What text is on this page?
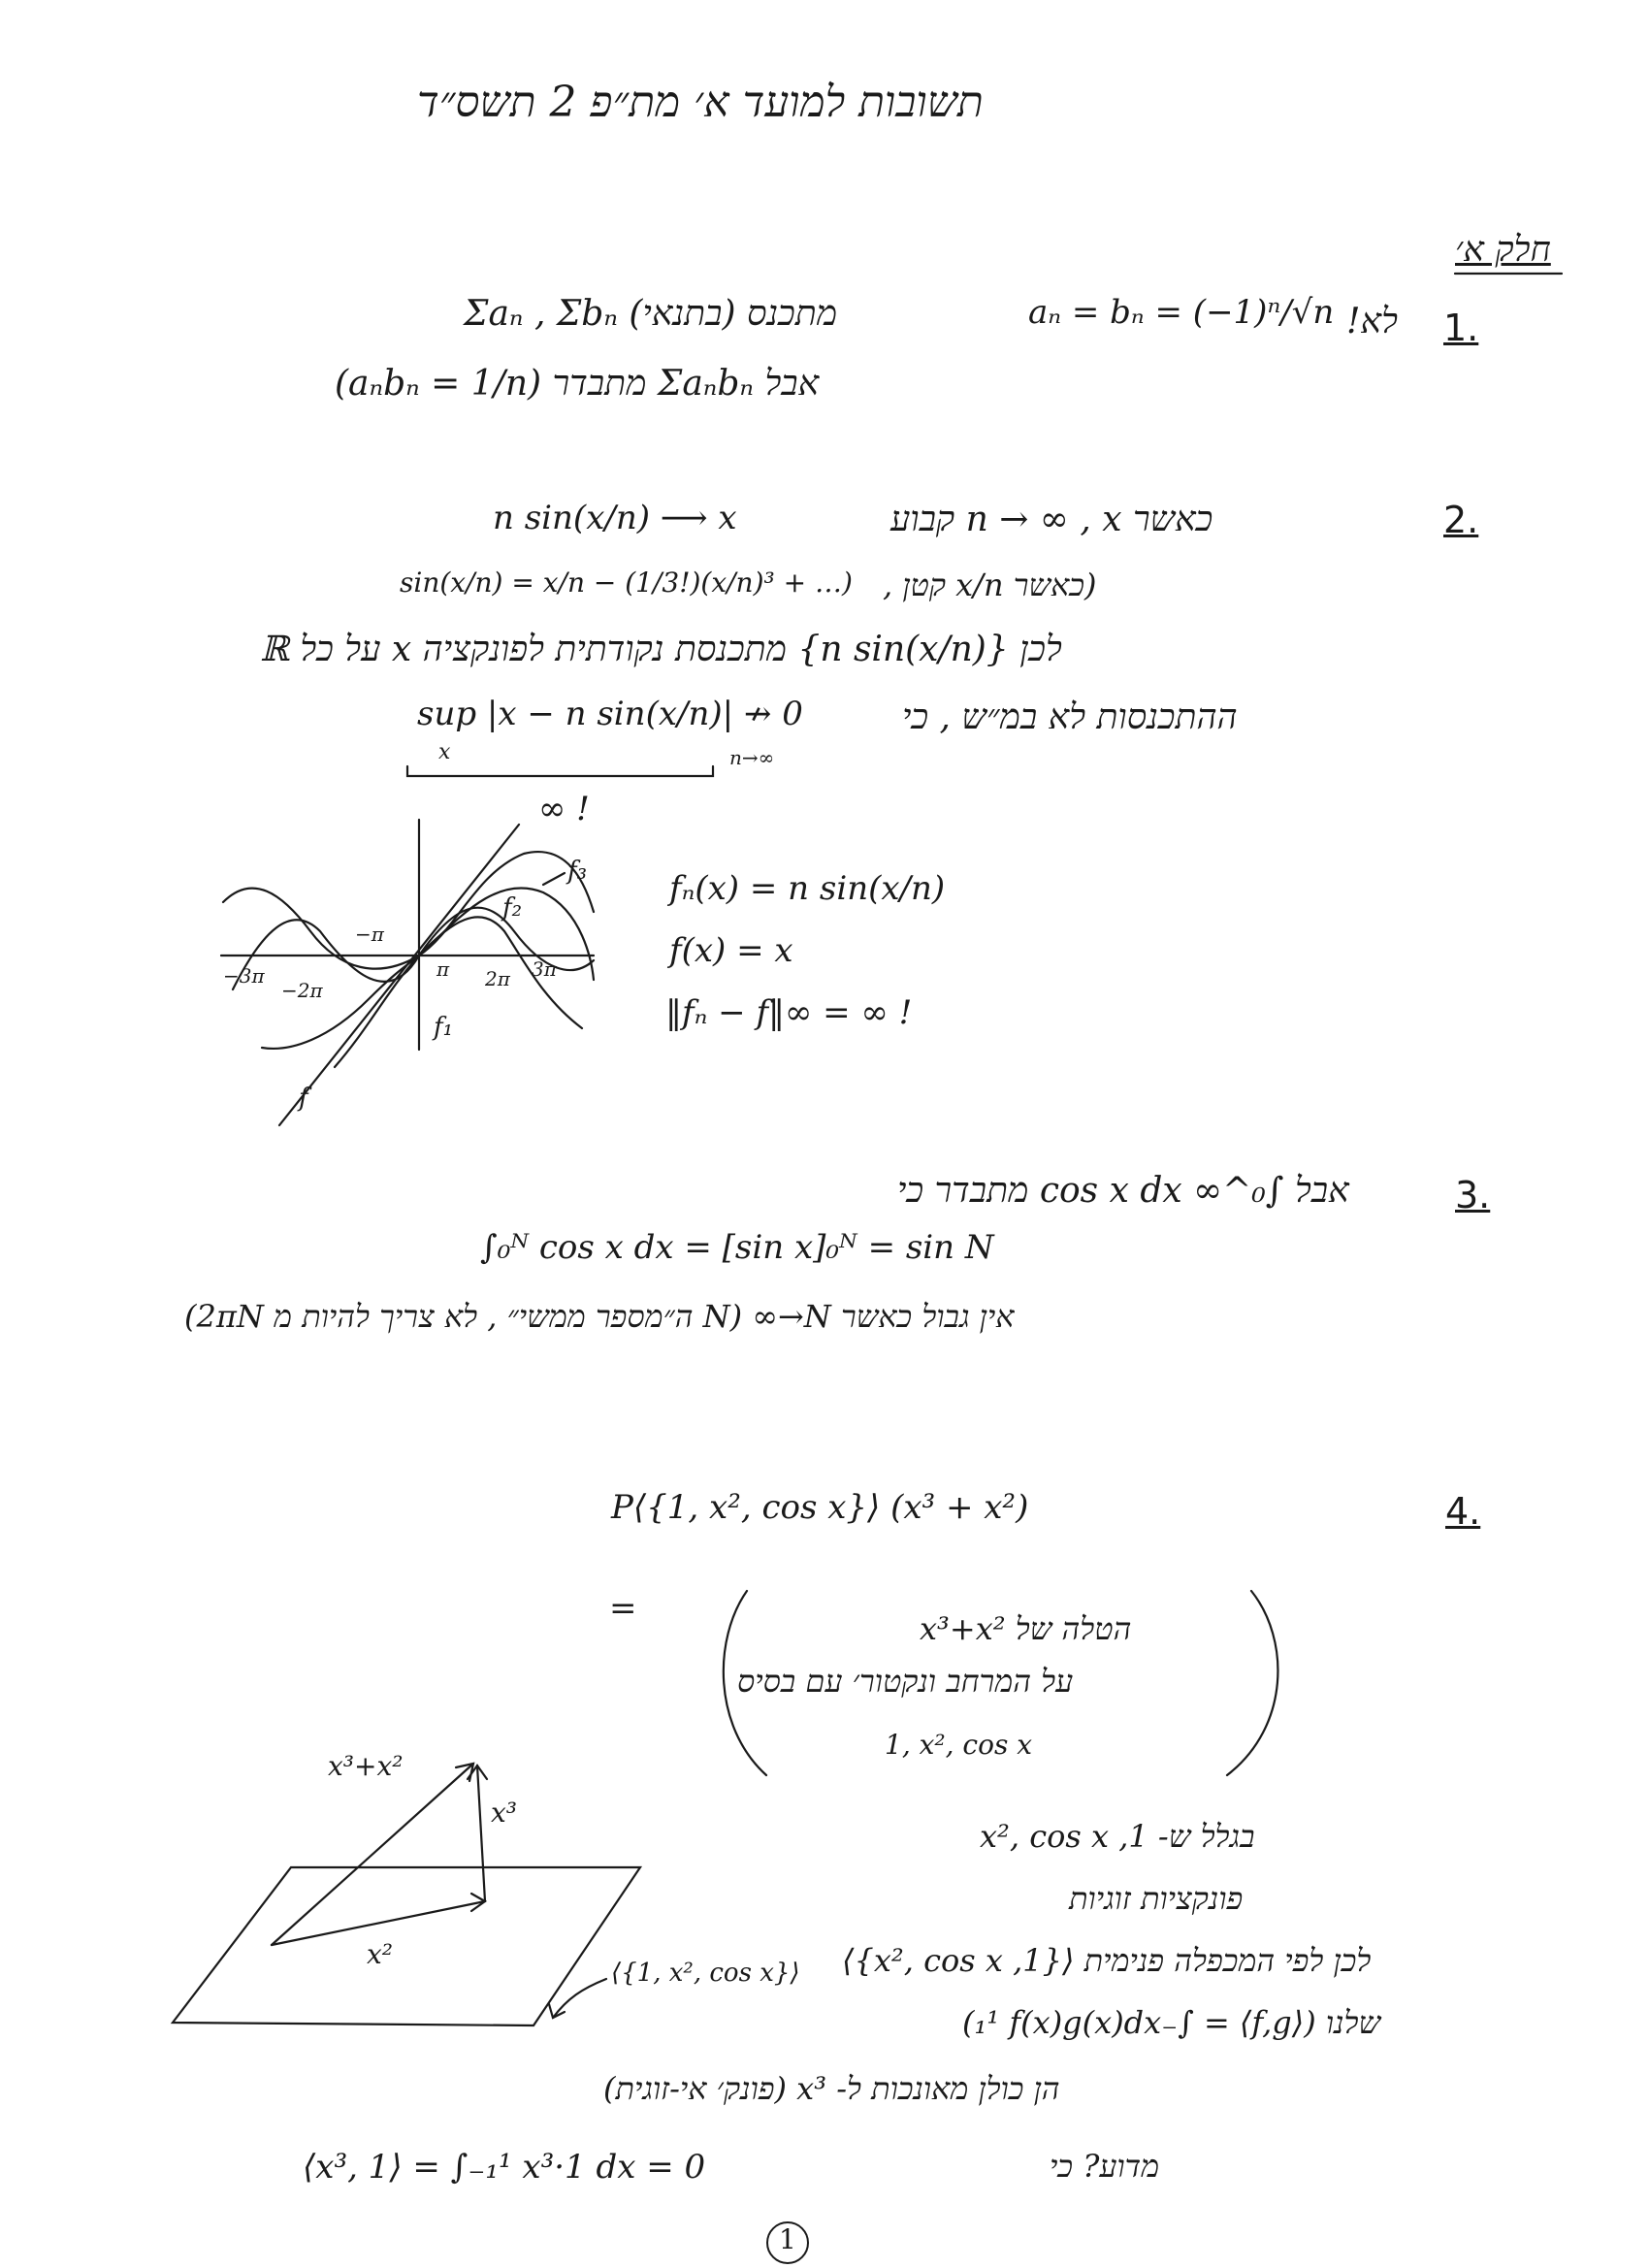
תשובות למועד א׳ מת״פ 2 תשס״ד
חלק א׳
1.
לא!
aₙ = bₙ = (−1)ⁿ/√n
Σaₙ , Σbₙ מתכנס (בתנאי)
אבל Σaₙbₙ מתבדר (aₙbₙ = 1/n)
2.
כאשר n → ∞ , x קבוע
n sin(x/n) ⟶ x
(כאשר x/n קטן ,
sin(x/n) = x/n − (1/3!)(x/n)³ + …)
לכן {n sin(x/n)} מתכנסת נקודתית לפונקציה x על כל ℝ
ההתכנסות לא במ״ש , כי
sup |x − n sin(x/n)| ↛ 0
x	n→∞
∞ !
fₙ(x) = n sin(x/n)
f(x) = x
‖fₙ − f‖∞ = ∞ !
f₃
f₂
f₁
f
−π
−3π
−2π
π 2π 3π
3.
אבל ∫₀^∞ cos x dx מתבדר כי
∫₀ᴺ cos x dx = [sin x]₀ᴺ = sin N
אין גבול כאשר N→∞ (N ה״מספר ממשי״ , לא צריך להיות מ 2πN)
4.
P⟨{1, x², cos x}⟩ (x³ + x²)
=
הטלה של x³+x²
על המרחב ונקטור׳ עם בסיס
1, x², cos x
בגלל ש- 1, x², cos x
פונקציות זוגיות
לכן לפי המכפלה פנימית ⟨{1, x², cos x}⟩
שלנו (⟨f,g⟩ = ∫₋₁¹ f(x)g(x)dx)
הן כולן מאונכות ל- x³ (פונק׳ אי-זוגית)
מדוע? כי
⟨x³, 1⟩ = ∫₋₁¹ x³·1 dx = 0
x³+x²
x³
x²
⟨{1, x², cos x}⟩
1
